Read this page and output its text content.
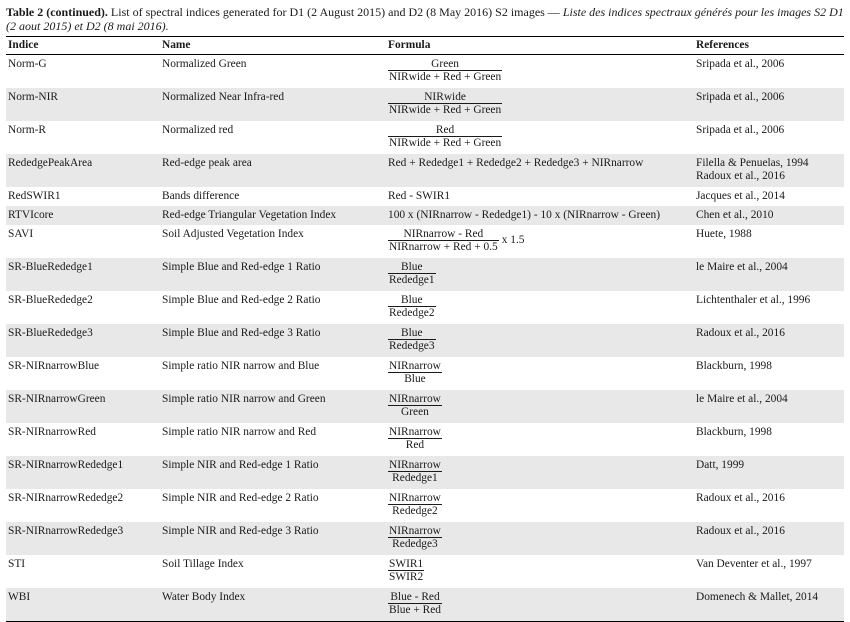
Table 2 (continued). List of spectral indices generated for D1 (2 August 2015) and D2 (8 May 2016) S2 images — Liste des indices spectraux générés pour les images S2 D1 (2 aout 2015) et D2 (8 mai 2016).

Indice	Name	Formula	References
Norm-G	Normalized Green	$\frac{\text{Green}}{\text{NIRwide + Red + Green}}$	Sripada et al., 2006

Norm-NIR	Normalized Near Infra-red	$\frac{\text{NIRwide}}{\text{NIRwide + Red + Green}}$	Sripada et al., 2006

Norm-R	Normalized red	$\frac{\text{Red}}{\text{NIRwide + Red + Green}}$	Sripada et al., 2006

RededgePeakArea	Red-edge peak area	Red + Rededge1 + Rededge2 + Rededge3 + NIRnarrow	Filella & Penuelas, 1994
Radoux et al., 2016

RedSWIR1	Bands difference	Red - SWIR1	Jacques et al., 2014

RTVIcore	Red-edge Triangular Vegetation Index	100 x (NIRnarrow - Rededge1) - 10 x (NIRnarrow - Green)	Chen et al., 2010

SAVI	Soil Adjusted Vegetation Index	$\frac{\text{NIRnarrow - Red}}{\text{NIRnarrow + Red + 0.5}}$ x 1.5	Huete, 1988

SR-BlueRededge1	Simple Blue and Red-edge 1 Ratio	$\frac{\text{Blue}}{\text{Rededge1}}$	le Maire et al., 2004

SR-BlueRededge2	Simple Blue and Red-edge 2 Ratio	$\frac{\text{Blue}}{\text{Rededge2}}$	Lichtenthaler et al., 1996

SR-BlueRededge3	Simple Blue and Red-edge 3 Ratio	$\frac{\text{Blue}}{\text{Rededge3}}$	Radoux et al., 2016

SR-NIRnarrowBlue	Simple ratio NIR narrow and Blue	$\frac{\text{NIRnarrow}}{\text{Blue}}$	Blackburn, 1998

SR-NIRnarrowGreen	Simple ratio NIR narrow and Green	$\frac{\text{NIRnarrow}}{\text{Green}}$	le Maire et al., 2004

SR-NIRnarrowRed	Simple ratio NIR narrow and Red	$\frac{\text{NIRnarrow}}{\text{Red}}$	Blackburn, 1998

SR-NIRnarrowRededge1	Simple NIR and Red-edge 1 Ratio	$\frac{\text{NIRnarrow}}{\text{Rededge1}}$	Datt, 1999

SR-NIRnarrowRededge2	Simple NIR and Red-edge 2 Ratio	$\frac{\text{NIRnarrow}}{\text{Rededge2}}$	Radoux et al., 2016

SR-NIRnarrowRededge3	Simple NIR and Red-edge 3 Ratio	$\frac{\text{NIRnarrow}}{\text{Rededge3}}$	Radoux et al., 2016

STI	Soil Tillage Index	$\frac{\text{SWIR1}}{\text{SWIR2}}$	Van Deventer et al., 1997

WBI	Water Body Index	$\frac{\text{Blue - Red}}{\text{Blue + Red}}$	Domenech & Mallet, 2014
